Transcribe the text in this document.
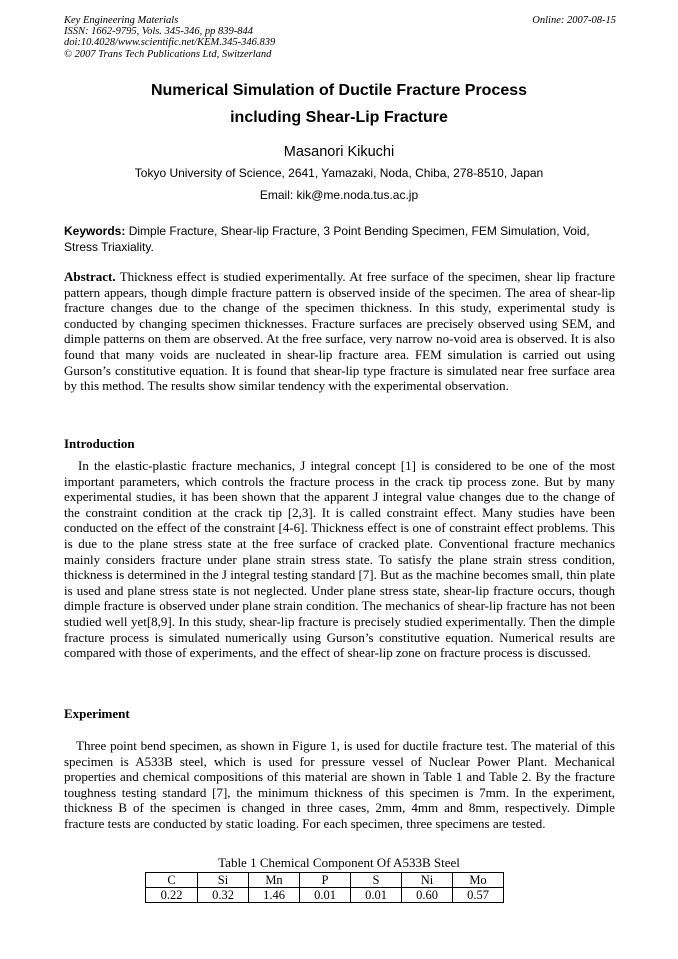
Key Engineering Materials
ISSN: 1662-9795, Vols. 345-346, pp 839-844
doi:10.4028/www.scientific.net/KEM.345-346.839
© 2007 Trans Tech Publications Ltd, Switzerland
Online: 2007-08-15
Numerical Simulation of Ductile Fracture Process
including Shear-Lip Fracture
Masanori Kikuchi
Tokyo University of Science, 2641, Yamazaki, Noda, Chiba, 278-8510, Japan
Email: kik@me.noda.tus.ac.jp
Keywords: Dimple Fracture, Shear-lip Fracture, 3 Point Bending Specimen, FEM Simulation, Void, Stress Triaxiality.
Abstract. Thickness effect is studied experimentally. At free surface of the specimen, shear lip fracture pattern appears, though dimple fracture pattern is observed inside of the specimen. The area of shear-lip fracture changes due to the change of the specimen thickness. In this study, experimental study is conducted by changing specimen thicknesses. Fracture surfaces are precisely observed using SEM, and dimple patterns on them are observed. At the free surface, very narrow no-void area is observed. It is also found that many voids are nucleated in shear-lip fracture area. FEM simulation is carried out using Gurson’s constitutive equation. It is found that shear-lip type fracture is simulated near free surface area by this method. The results show similar tendency with the experimental observation.
Introduction
In the elastic-plastic fracture mechanics, J integral concept [1] is considered to be one of the most important parameters, which controls the fracture process in the crack tip process zone. But by many experimental studies, it has been shown that the apparent J integral value changes due to the change of the constraint condition at the crack tip [2,3]. It is called constraint effect. Many studies have been conducted on the effect of the constraint [4-6]. Thickness effect is one of constraint effect problems. This is due to the plane stress state at the free surface of cracked plate. Conventional fracture mechanics mainly considers fracture under plane strain stress state. To satisfy the plane strain stress condition, thickness is determined in the J integral testing standard [7]. But as the machine becomes small, thin plate is used and plane stress state is not neglected. Under plane stress state, shear-lip fracture occurs, though dimple fracture is observed under plane strain condition. The mechanics of shear-lip fracture has not been studied well yet[8,9]. In this study, shear-lip fracture is precisely studied experimentally. Then the dimple fracture process is simulated numerically using Gurson’s constitutive equation. Numerical results are compared with those of experiments, and the effect of shear-lip zone on fracture process is discussed.
Experiment
Three point bend specimen, as shown in Figure 1, is used for ductile fracture test. The material of this specimen is A533B steel, which is used for pressure vessel of Nuclear Power Plant. Mechanical properties and chemical compositions of this material are shown in Table 1 and Table 2. By the fracture toughness testing standard [7], the minimum thickness of this specimen is 7mm. In the experiment, thickness B of the specimen is changed in three cases, 2mm, 4mm and 8mm, respectively. Dimple fracture tests are conducted by static loading. For each specimen, three specimens are tested.
Table 1 Chemical Component Of A533B Steel
C	Si	Mn	P	S	Ni	Mo
0.22	0.32	1.46	0.01	0.01	0.60	0.57
